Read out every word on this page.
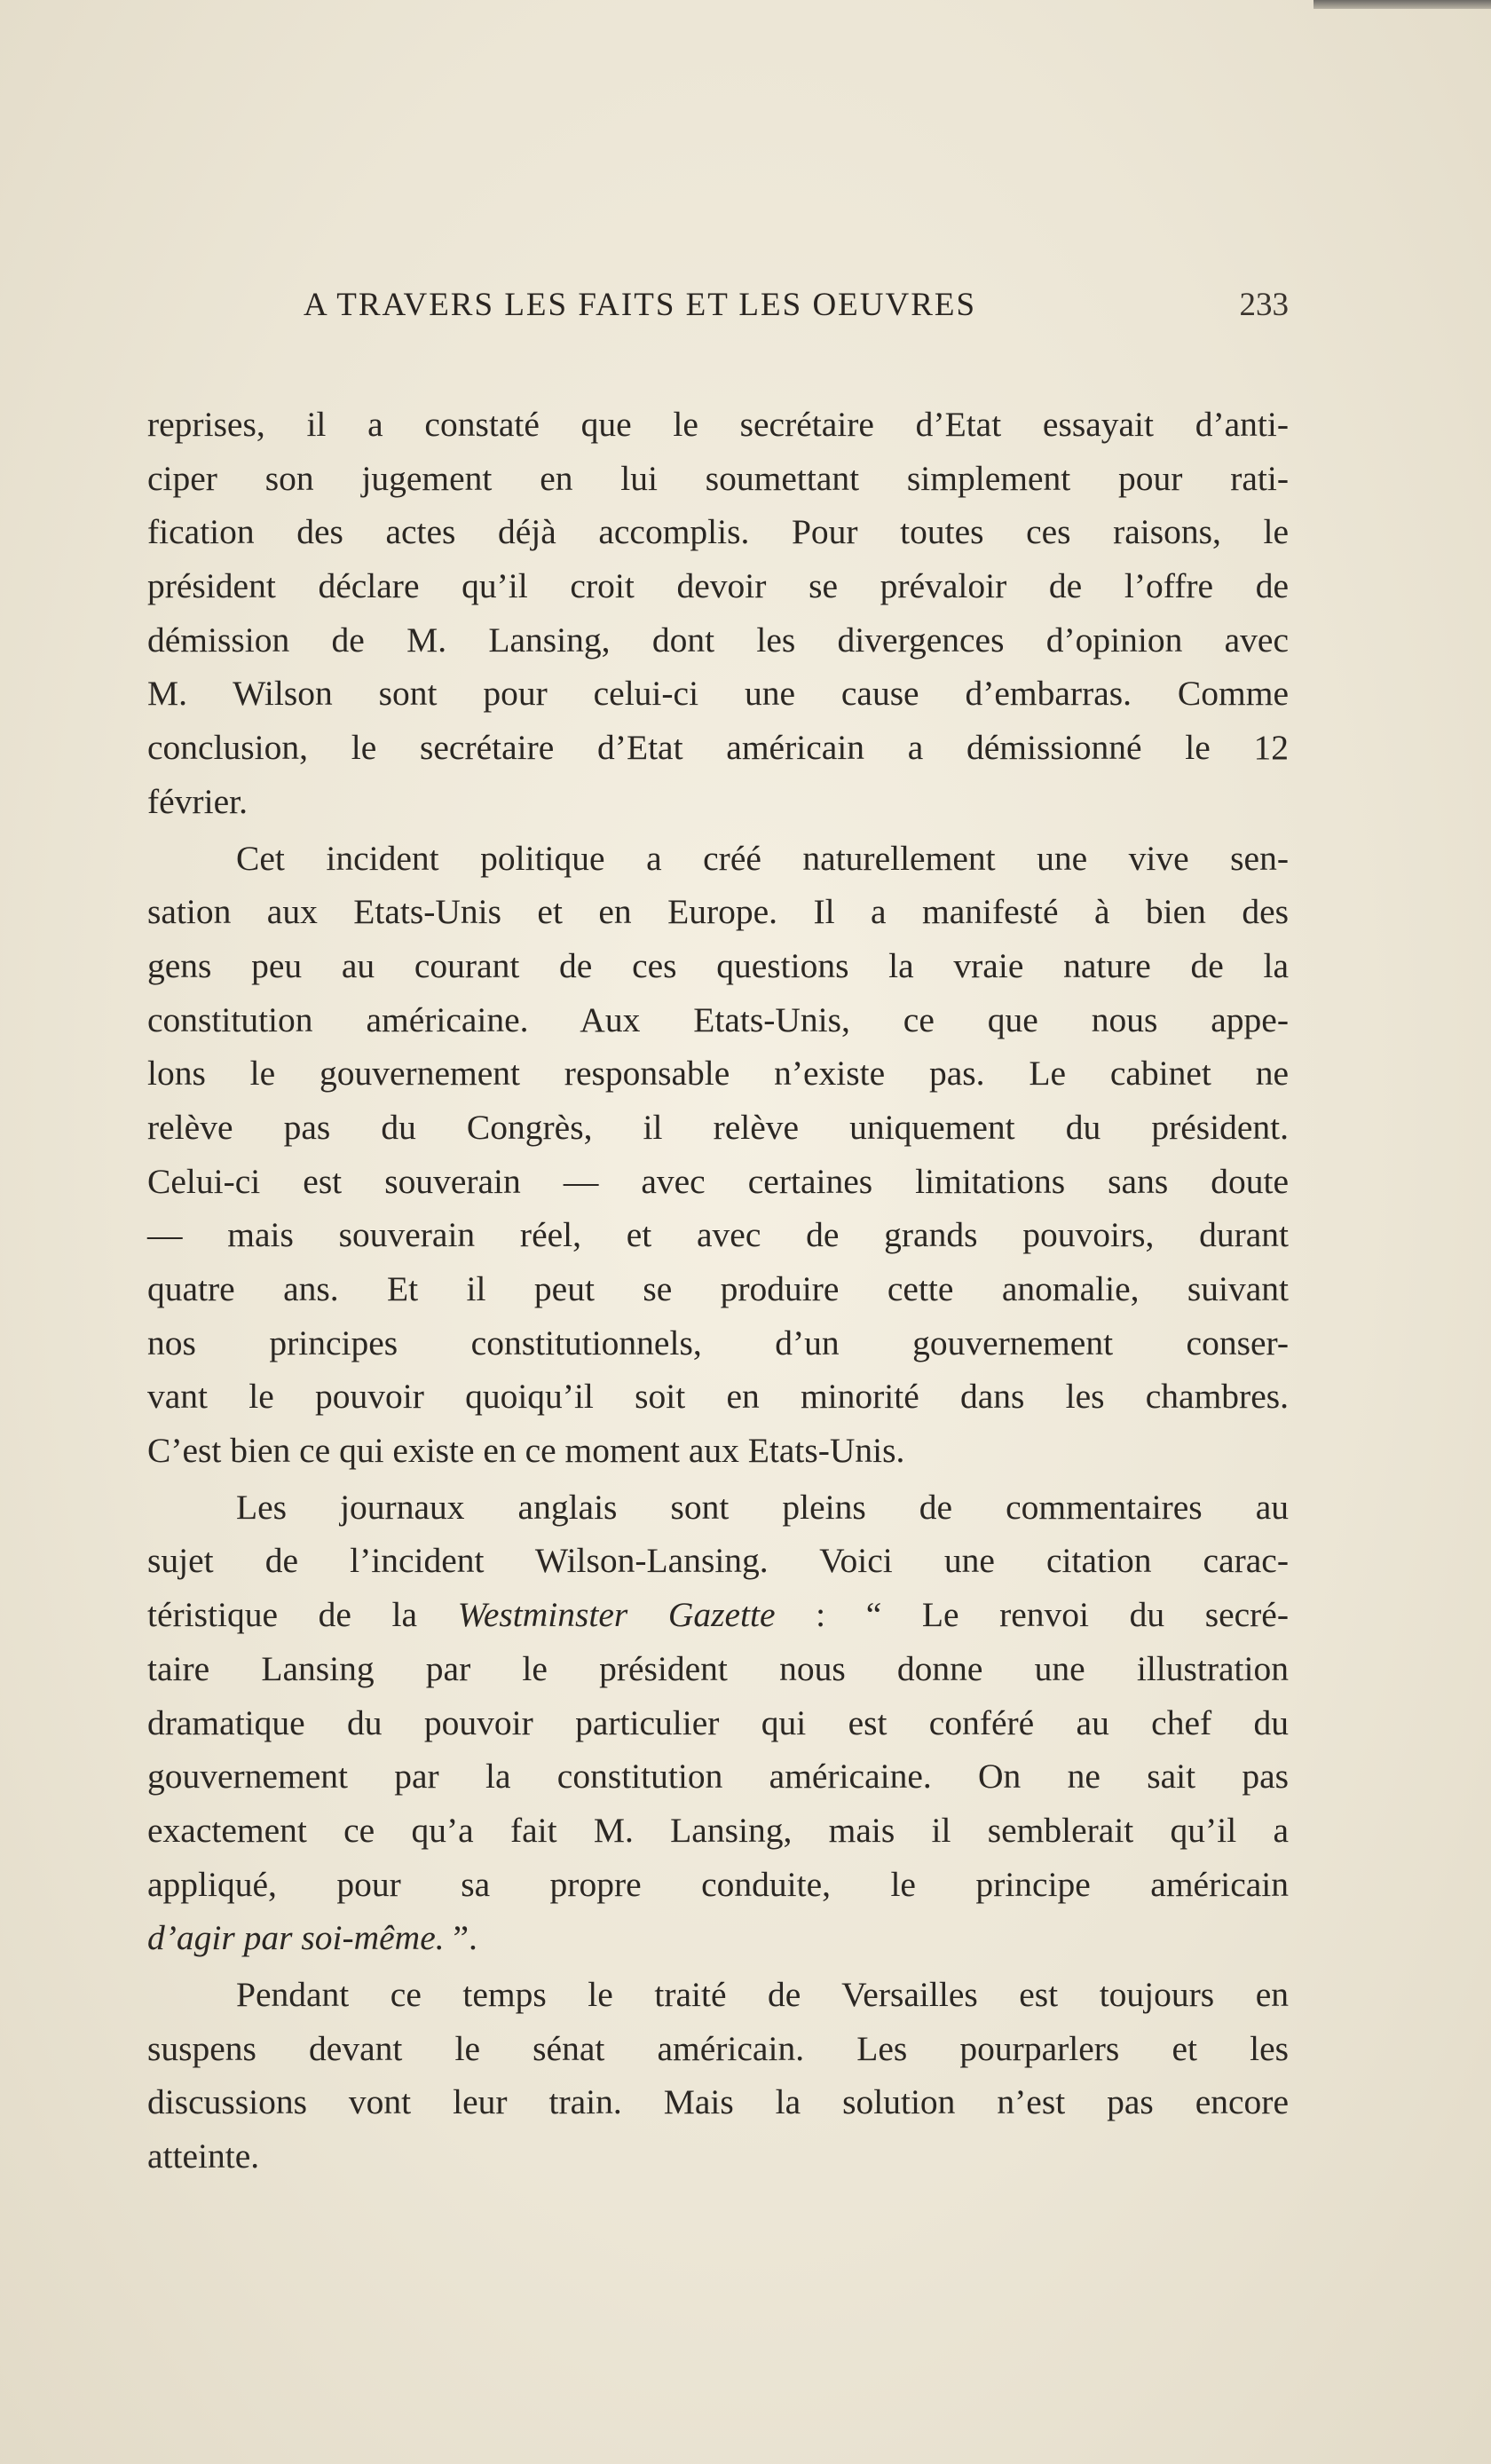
A TRAVERS LES FAITS ET LES OEUVRES	233
reprises, il a constaté que le secrétaire d’Etat essayait d’anti-
ciper son jugement en lui soumettant simplement pour rati-
fication des actes déjà accomplis. Pour toutes ces raisons, le
président déclare qu’il croit devoir se prévaloir de l’offre de
démission de M. Lansing, dont les divergences d’opinion avec
M. Wilson sont pour celui-ci une cause d’embarras. Comme
conclusion, le secrétaire d’Etat américain a démissionné le 12
février.
Cet incident politique a créé naturellement une vive sen-
sation aux Etats-Unis et en Europe. Il a manifesté à bien des
gens peu au courant de ces questions la vraie nature de la
constitution américaine. Aux Etats-Unis, ce que nous appe-
lons le gouvernement responsable n’existe pas. Le cabinet ne
relève pas du Congrès, il relève uniquement du président.
Celui-ci est souverain — avec certaines limitations sans doute
— mais souverain réel, et avec de grands pouvoirs, durant
quatre ans. Et il peut se produire cette anomalie, suivant
nos principes constitutionnels, d’un gouvernement conser-
vant le pouvoir quoiqu’il soit en minorité dans les chambres.
C’est bien ce qui existe en ce moment aux Etats-Unis.
Les journaux anglais sont pleins de commentaires au
sujet de l’incident Wilson-Lansing. Voici une citation carac-
téristique de la Westminster Gazette : “ Le renvoi du secré-
taire Lansing par le président nous donne une illustration
dramatique du pouvoir particulier qui est conféré au chef du
gouvernement par la constitution américaine. On ne sait pas
exactement ce qu’a fait M. Lansing, mais il semblerait qu’il a
appliqué, pour sa propre conduite, le principe américain
d’agir par soi-même. ”.
Pendant ce temps le traité de Versailles est toujours en
suspens devant le sénat américain. Les pourparlers et les
discussions vont leur train. Mais la solution n’est pas encore
atteinte.
